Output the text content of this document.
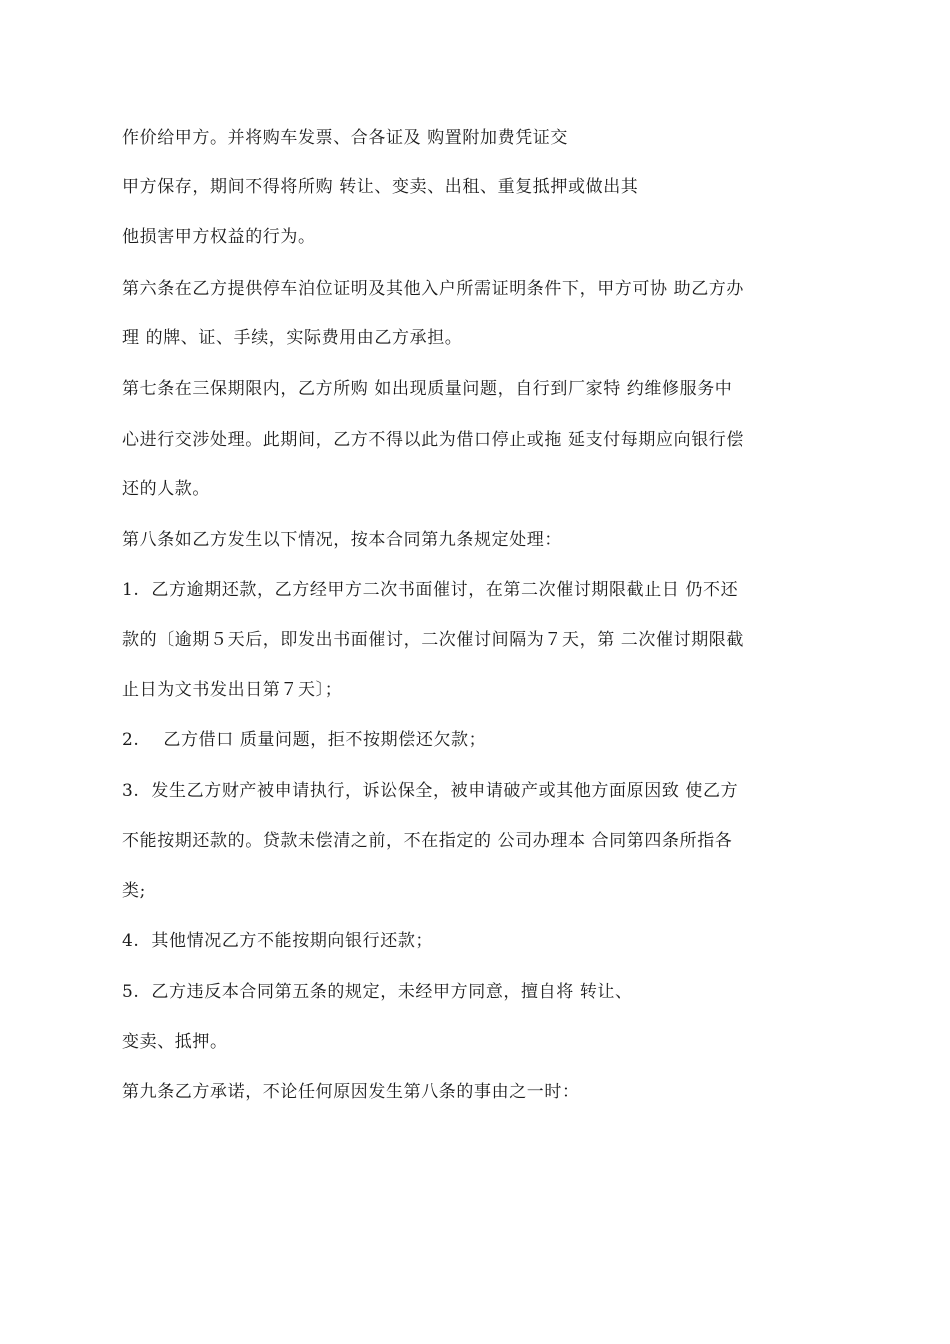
作价给甲方。并将购车发票、合各证及 购置附加费凭证交

甲方保存，期间不得将所购 转让、变卖、出租、重复抵押或做出其

他损害甲方权益的行为。

第六条在乙方提供停车泊位证明及其他入户所需证明条件下，甲方可协 助乙方办

理 的牌、证、手续，实际费用由乙方承担。

第七条在三保期限内，乙方所购 如出现质量问题，自行到厂家特 约维修服务中

心进行交涉处理。此期间，乙方不得以此为借口停止或拖 延支付每期应向银行偿

还的人款。

第八条如乙方发生以下情况，按本合同第九条规定处理：

1.  乙方逾期还款，乙方经甲方二次书面催讨，在第二次催讨期限截止日 仍不还

款的〔逾期５天后，即发出书面催讨，二次催讨间隔为７天，第 二次催讨期限截

止日为文书发出日第７天〕；

2.    乙方借口 质量问题，拒不按期偿还欠款；

3.  发生乙方财产被申请执行，诉讼保全，被申请破产或其他方面原因致 使乙方

不能按期还款的。贷款未偿清之前，不在指定的 公司办理本 合同第四条所指各

类;

4.  其他情况乙方不能按期向银行还款；

5.  乙方违反本合同第五条的规定，未经甲方同意，擅自将 转让、

变卖、抵押。

第九条乙方承诺，不论任何原因发生第八条的事由之一时：
